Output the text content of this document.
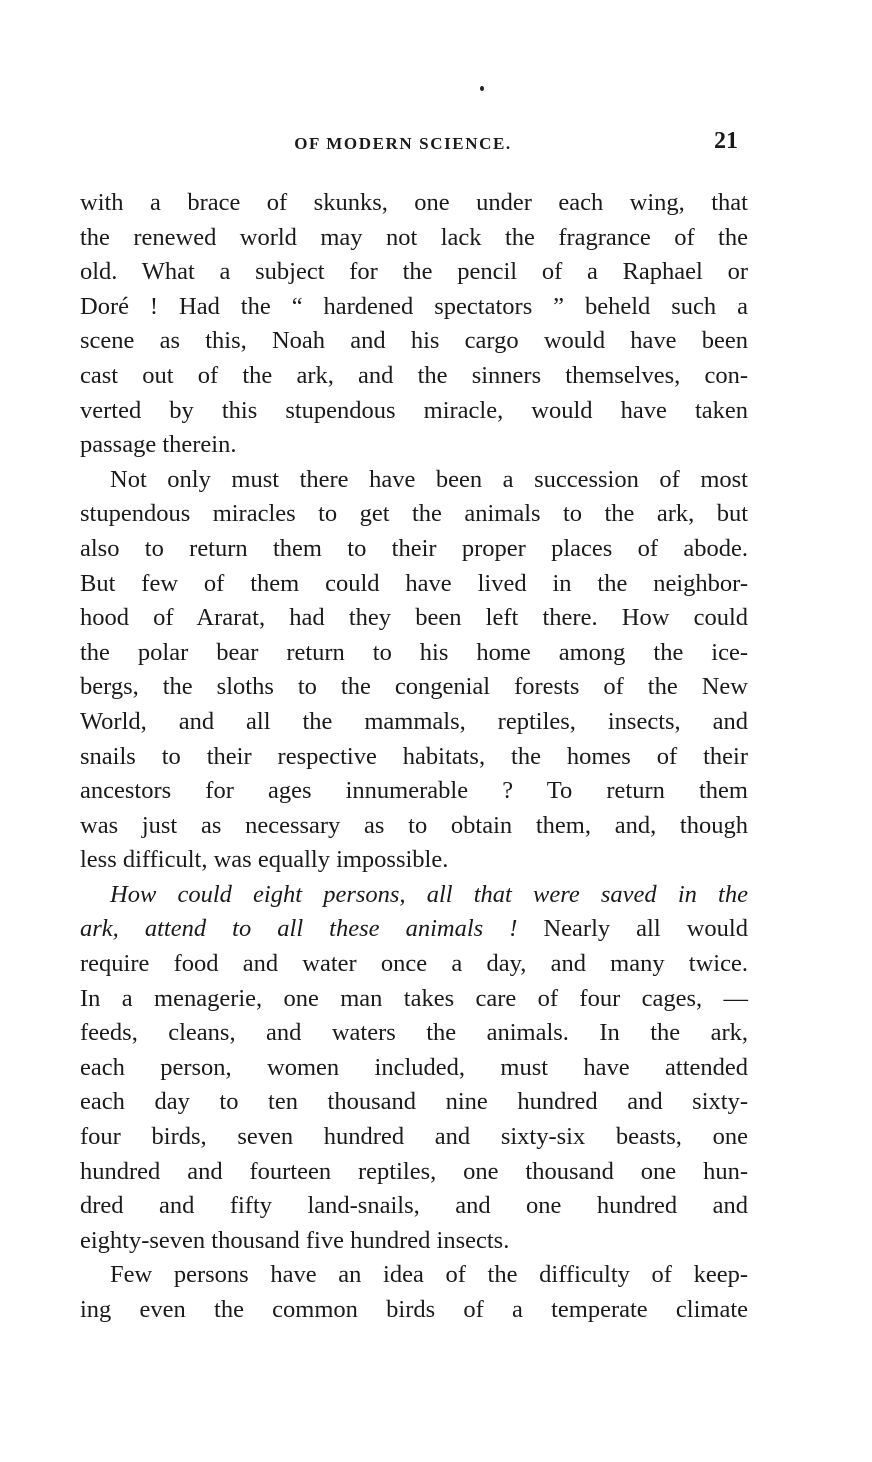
OF MODERN SCIENCE.	21
with a brace of skunks, one under each wing, that
the renewed world may not lack the fragrance of the
old. What a subject for the pencil of a Raphael or
Doré ! Had the “ hardened spectators ” beheld such a
scene as this, Noah and his cargo would have been
cast out of the ark, and the sinners themselves, con-
verted by this stupendous miracle, would have taken
passage therein.
Not only must there have been a succession of most
stupendous miracles to get the animals to the ark, but
also to return them to their proper places of abode.
But few of them could have lived in the neighbor-
hood of Ararat, had they been left there. How could
the polar bear return to his home among the ice-
bergs, the sloths to the congenial forests of the New
World, and all the mammals, reptiles, insects, and
snails to their respective habitats, the homes of their
ancestors for ages innumerable ? To return them
was just as necessary as to obtain them, and, though
less difficult, was equally impossible.
How could eight persons, all that were saved in the
ark, attend to all these animals ! Nearly all would
require food and water once a day, and many twice.
In a menagerie, one man takes care of four cages, —
feeds, cleans, and waters the animals. In the ark,
each person, women included, must have attended
each day to ten thousand nine hundred and sixty-
four birds, seven hundred and sixty-six beasts, one
hundred and fourteen reptiles, one thousand one hun-
dred and fifty land-snails, and one hundred and
eighty-seven thousand five hundred insects.
Few persons have an idea of the difficulty of keep-
ing even the common birds of a temperate climate
